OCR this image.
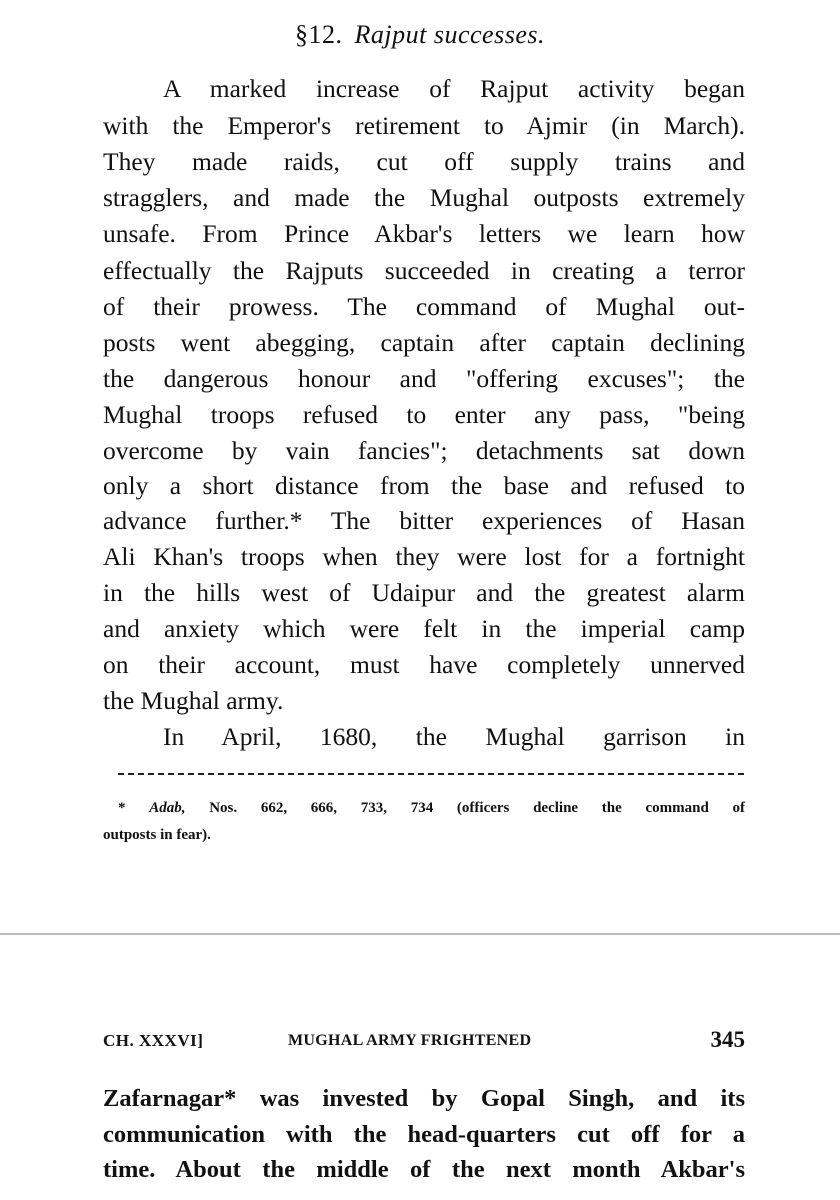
§12. Rajput successes.
A marked increase of Rajput activity began
with the Emperor's retirement to Ajmir (in March).
They made raids, cut off supply trains and
stragglers, and made the Mughal outposts extremely
unsafe. From Prince Akbar's letters we learn how
effectually the Rajputs succeeded in creating a terror
of their prowess. The command of Mughal out-
posts went abegging, captain after captain declining
the dangerous honour and "offering excuses"; the
Mughal troops refused to enter any pass, "being
overcome by vain fancies"; detachments sat down
only a short distance from the base and refused to
advance further.* The bitter experiences of Hasan
Ali Khan's troops when they were lost for a fortnight
in the hills west of Udaipur and the greatest alarm
and anxiety which were felt in the imperial camp
on their account, must have completely unnerved
the Mughal army.
In April, 1680, the Mughal garrison in
* Adab, Nos. 662, 666, 733, 734 (officers decline the command of
outposts in fear).
CH. XXXVI]	MUGHAL ARMY FRIGHTENED	345
Zafarnagar* was invested by Gopal Singh, and its
communication with the head-quarters cut off for a
time. About the middle of the next month Akbar's
